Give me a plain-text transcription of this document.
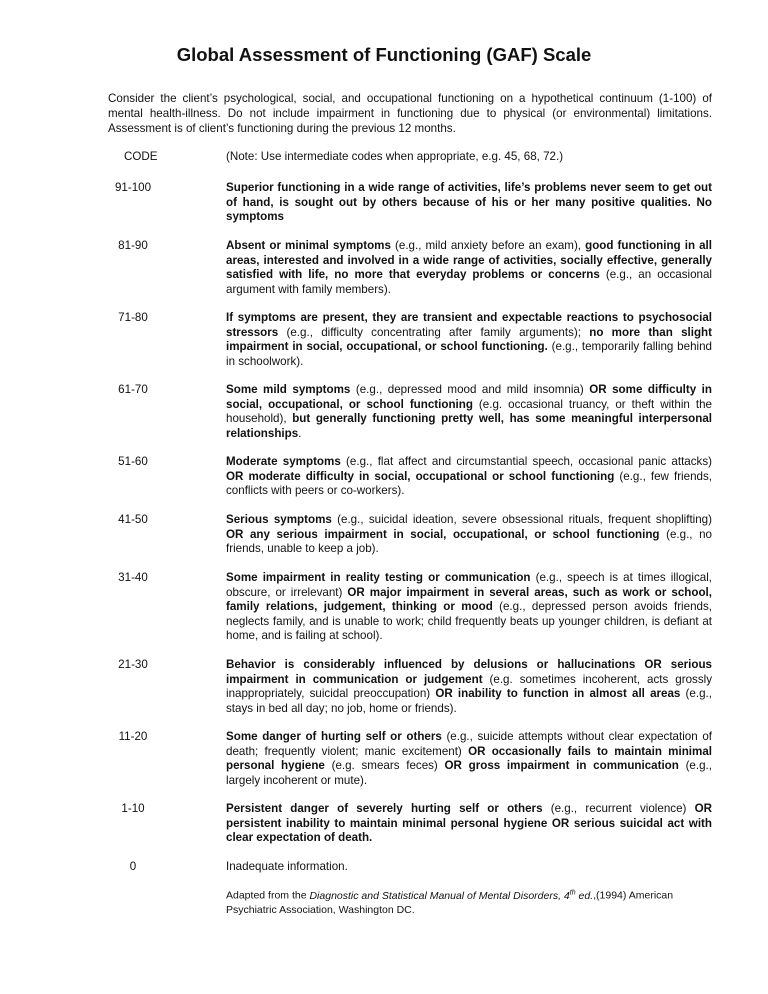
Global Assessment of Functioning (GAF) Scale

Consider the client’s psychological, social, and occupational functioning on a hypothetical continuum (1-100) of mental health-illness. Do not include impairment in functioning due to physical (or environmental) limitations. Assessment is of client’s functioning during the previous 12 months.

CODE	(Note: Use intermediate codes when appropriate, e.g. 45, 68, 72.)
91-100	Superior functioning in a wide range of activities, life’s problems never seem to get out of hand, is sought out by others because of his or her many positive qualities. No symptoms

81-90	Absent or minimal symptoms (e.g., mild anxiety before an exam), good functioning in all areas, interested and involved in a wide range of activities, socially effective, generally satisfied with life, no more that everyday problems or concerns (e.g., an occasional argument with family members).

71-80	If symptoms are present, they are transient and expectable reactions to psychosocial stressors (e.g., difficulty concentrating after family arguments); no more than slight impairment in social, occupational, or school functioning. (e.g., temporarily falling behind in schoolwork).

61-70	Some mild symptoms (e.g., depressed mood and mild insomnia) OR some difficulty in social, occupational, or school functioning (e.g. occasional truancy, or theft within the household), but generally functioning pretty well, has some meaningful interpersonal relationships.

51-60	Moderate symptoms (e.g., flat affect and circumstantial speech, occasional panic attacks) OR moderate difficulty in social, occupational or school functioning (e.g., few friends, conflicts with peers or co-workers).

41-50	Serious symptoms (e.g., suicidal ideation, severe obsessional rituals, frequent shoplifting) OR any serious impairment in social, occupational, or school functioning (e.g., no friends, unable to keep a job).

31-40	Some impairment in reality testing or communication (e.g., speech is at times illogical, obscure, or irrelevant) OR major impairment in several areas, such as work or school, family relations, judgement, thinking or mood (e.g., depressed person avoids friends, neglects family, and is unable to work; child frequently beats up younger children, is defiant at home, and is failing at school).

21-30	Behavior is considerably influenced by delusions or hallucinations OR serious impairment in communication or judgement (e.g. sometimes incoherent, acts grossly inappropriately, suicidal preoccupation) OR inability to function in almost all areas (e.g., stays in bed all day; no job, home or friends).

11-20	Some danger of hurting self or others (e.g., suicide attempts without clear expectation of death; frequently violent; manic excitement) OR occasionally fails to maintain minimal personal hygiene (e.g. smears feces) OR gross impairment in communication (e.g., largely incoherent or mute).

1-10	Persistent danger of severely hurting self or others (e.g., recurrent violence) OR persistent inability to maintain minimal personal hygiene OR serious suicidal act with clear expectation of death.

0	Inadequate information.

Adapted from the Diagnostic and Statistical Manual of Mental Disorders, 4th ed.,(1994) American Psychiatric Association, Washington DC.
